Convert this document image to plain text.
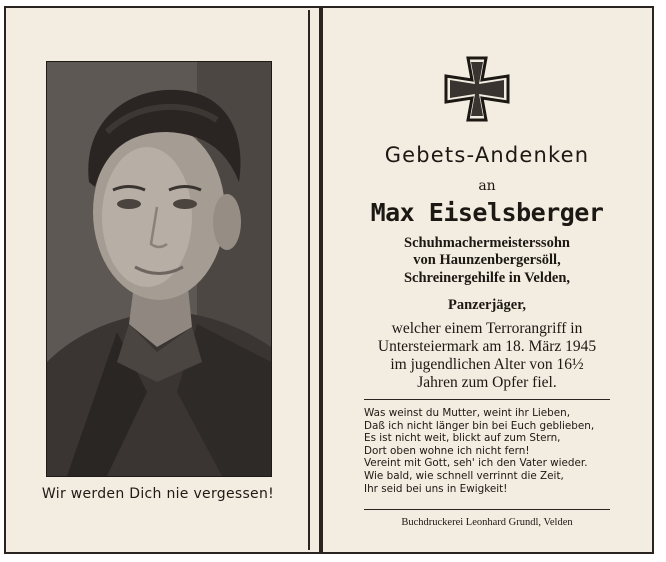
Wir werden Dich nie vergessen!
Gebets-Andenken
an
Max Eiselsberger
Schuhmachermeisterssohn
von Haunzenbergersöll,
Schreinergehilfe in Velden,
Panzerjäger,
welcher einem Terrorangriff in
Untersteiermark am 18. März 1945
im jugendlichen Alter von 16½
Jahren zum Opfer fiel.
Was weinst du Mutter, weint ihr Lieben,
Daß ich nicht länger bin bei Euch geblieben,
Es ist nicht weit, blickt auf zum Stern,
Dort oben wohne ich nicht fern!
Vereint mit Gott, seh' ich den Vater wieder.
Wie bald, wie schnell verrinnt die Zeit,
Ihr seid bei uns in Ewigkeit!
Buchdruckerei Leonhard Grundl, Velden
